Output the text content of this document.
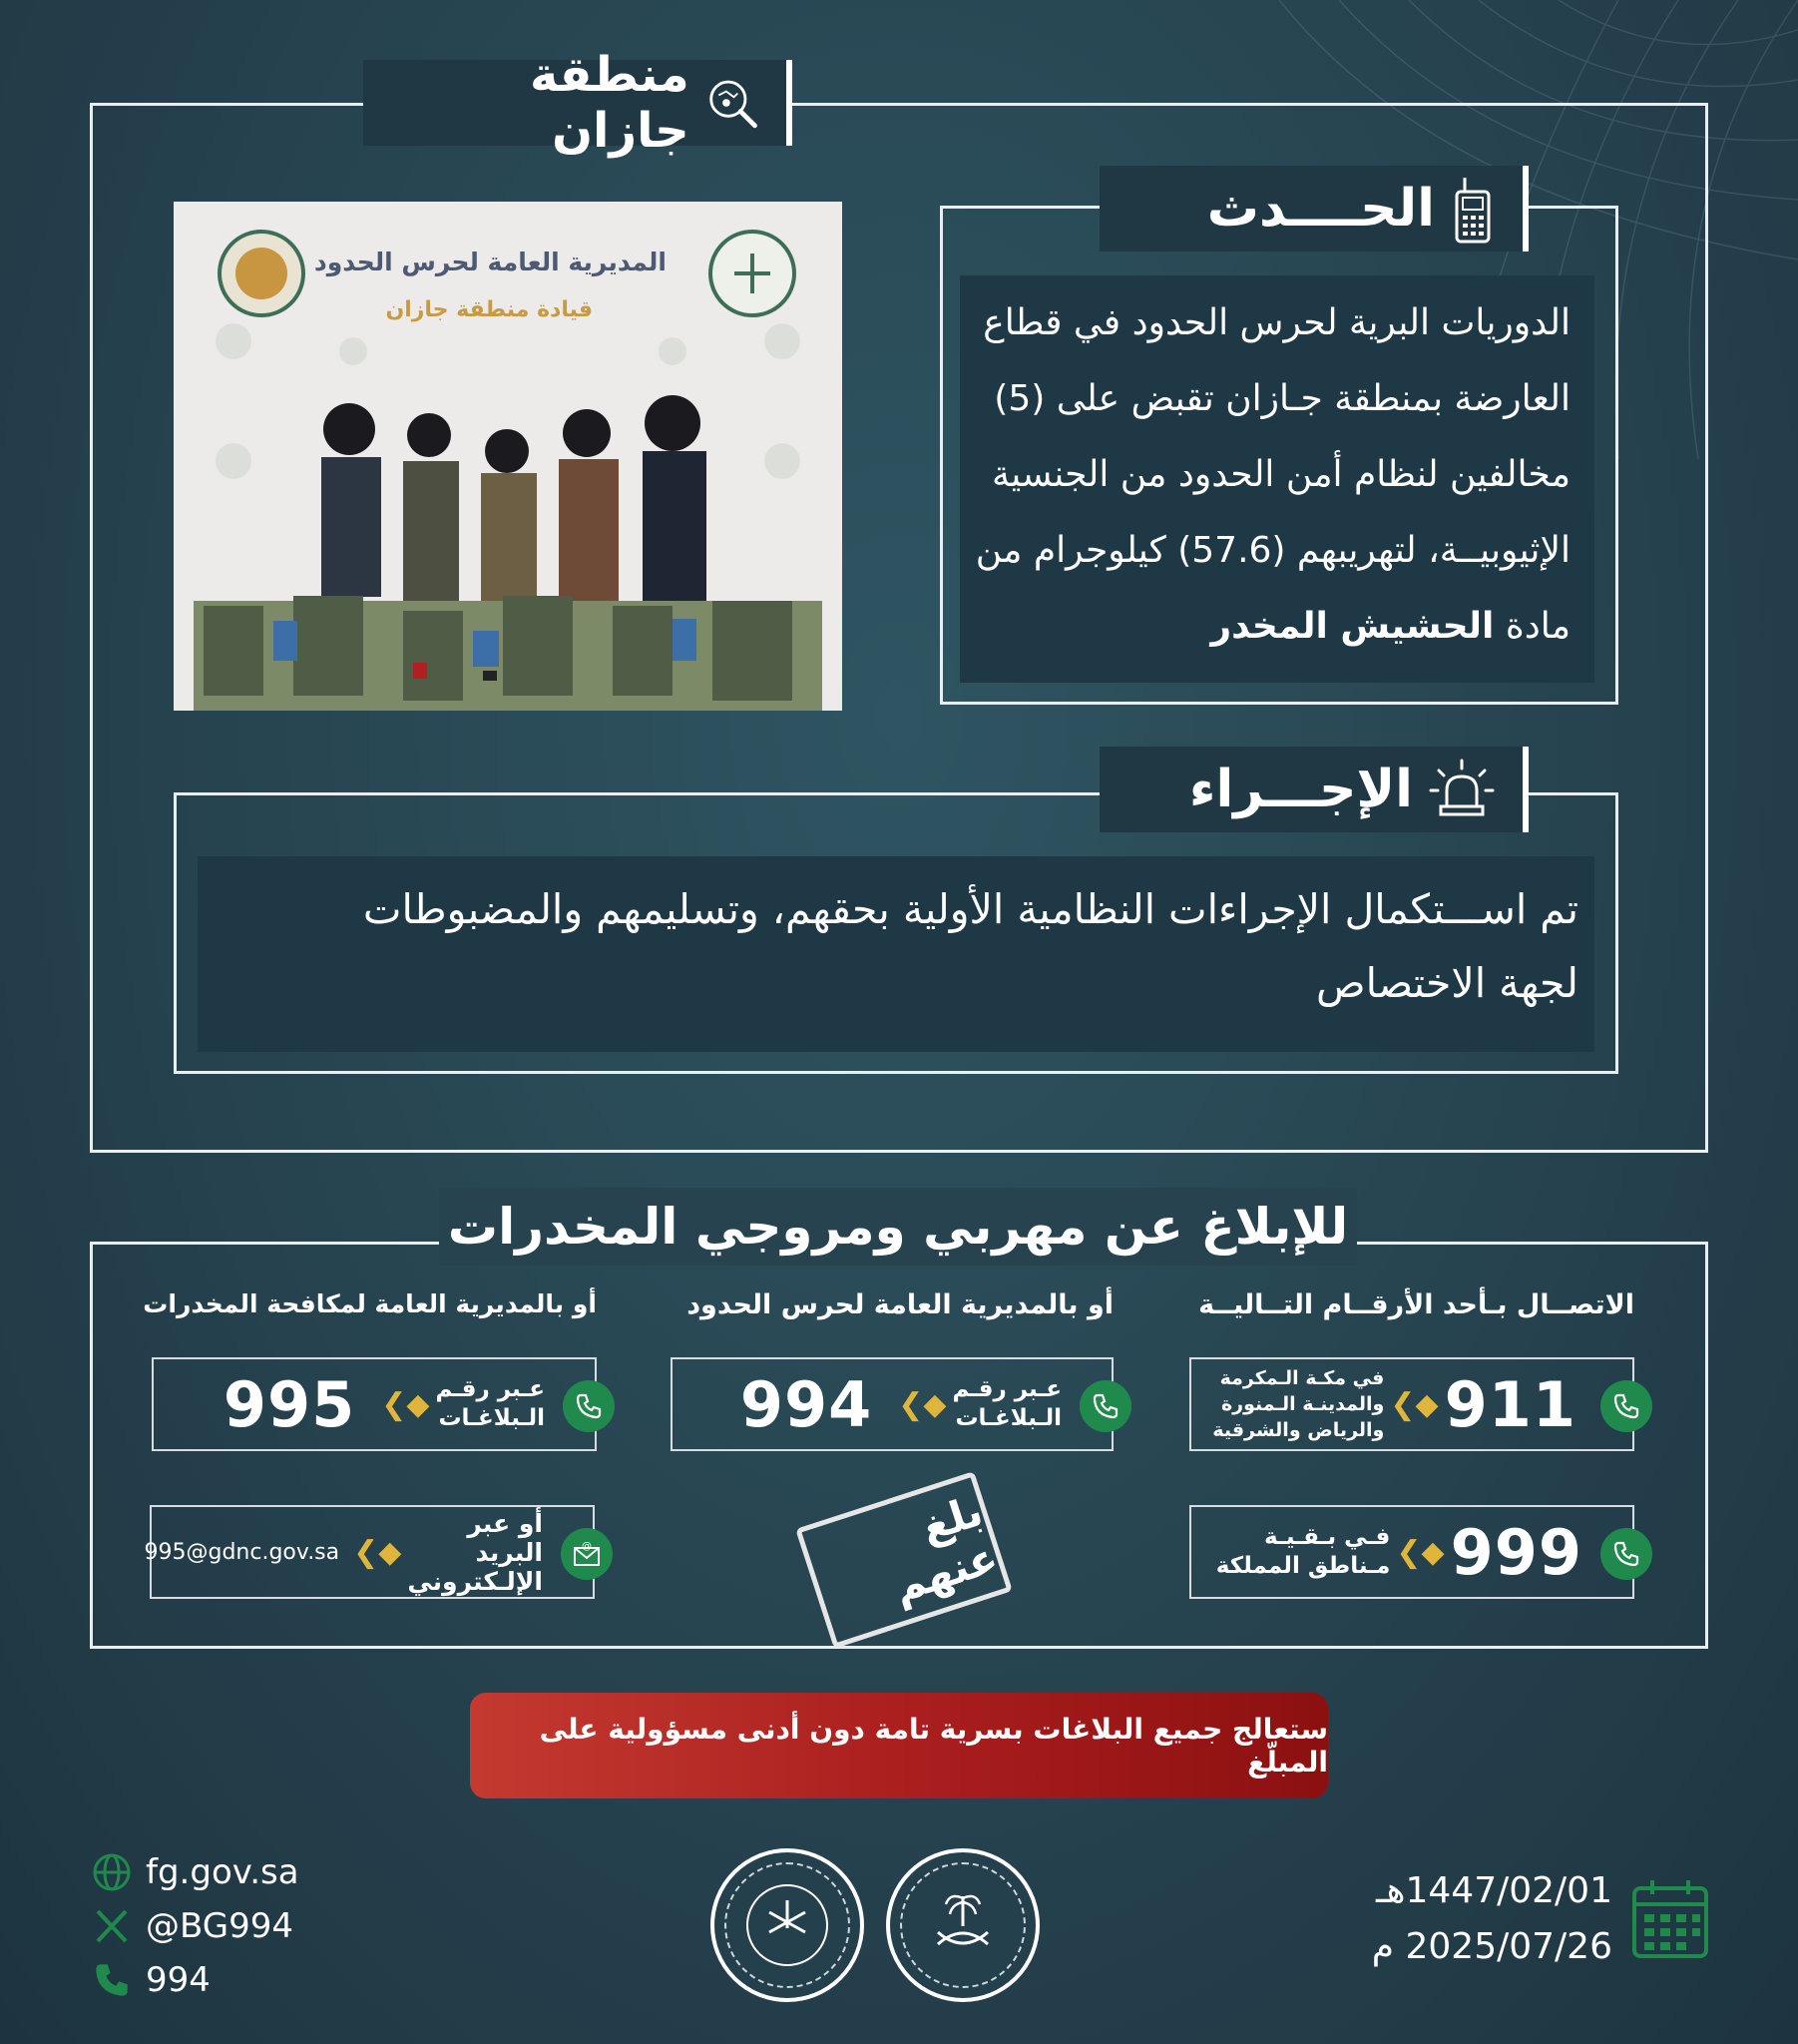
منطقة جازان
المديرية العامة لحرس الحدود
قيادة منطقة جازان
الحــــدث
الدوريات البرية لحرس الحدود في قطاع
العارضة بمنطقة جـازان تقبض على (5)
مخالفين لنظام أمن الحدود من الجنسية
الإثيوبيــة، لتهريبهم (57.6) كيلوجرام من
مادة الحشيش المخدر
الإجـــراء
تم اســـتكمال الإجراءات النظامية الأولية بحقهم، وتسليمهم والمضبوطات
لجهة الاختصاص
للإبلاغ عن مهربي ومروجي المخدرات
الاتصــال بـأحد الأرقــام التــاليــة
أو بالمديرية العامة لحرس الحدود
أو بالمديرية العامة لمكافحة المخدرات
911
◆❯
في مكـة الـمكرمة
والمدينـة الـمنورة
والرياض والشرقية
999
◆❯
فـي بـقـيـة
مـناطق المملكة
عـبر رقـم
الـبلاغـات
◆❯
994
عـبر رقـم
الـبلاغـات
◆❯
995
@
أو عبر البريد
الإلـكتروني
◆❯
995@gdnc.gov.sa
بلغ عنهم
ستعالج جميع البلاغات بسرية تامة دون أدنى مسؤولية على المبلّغ
fg.gov.sa
@BG994
994
1447/02/01هـ
2025/07/26 م
